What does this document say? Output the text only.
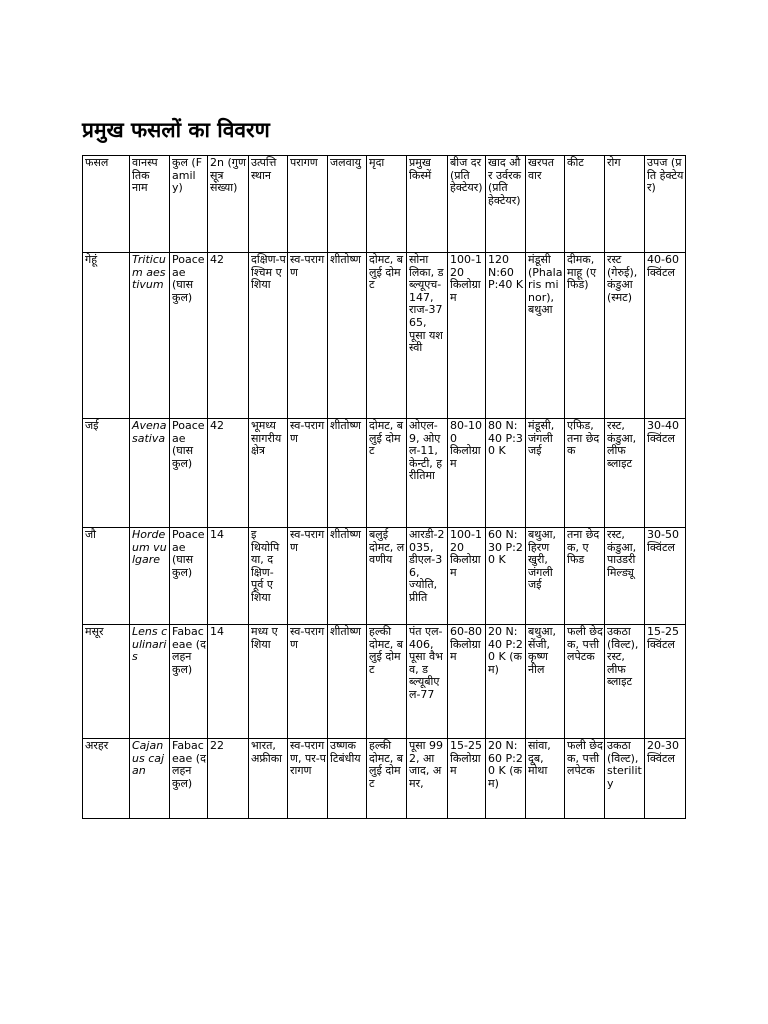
प्रमुख फसलों का विवरण
फसल	वानस्पतिक नाम	कुल (Family)	2n (गुणसूत्र संख्या)	उत्पत्ति स्थान	परागण	जलवायु	मृदा	प्रमुख किस्में	बीज दर (प्रति हेक्टेयर)	खाद और उर्वरक (प्रति हेक्टेयर)	खरपतवार	कीट	रोग	उपज (प्रति हेक्टेयर)
गेहूं	Triticum aestivum	Poaceae (घास कुल)	42	दक्षिण-पश्चिम एशिया	स्व-परागण	शीतोष्ण	दोमट, बलुई दोमट	सोना लिका, डब्ल्यूएच-147, राज-3765, पूसा यश स्वी	100-120 किलोग्राम	120 N:60 P:40 K	मंडूसी (Phalaris minor), बथुआ	दीमक, माहू (एफिड)	रस्ट (गेरुई), कंडुआ (स्मट)	40-60 क्विंटल
जई	Avena sativa	Poaceae (घास कुल)	42	भूमध्य सागरीय क्षेत्र	स्व-परागण	शीतोष्ण	दोमट, बलुई दोमट	ओएल-9, ओएल-11, केन्टी, हरीतिमा	80-100 किलोग्राम	80 N:40 P:30 K	मंडूसी, जंगली जई	एफिड, तना छेदक	रस्ट, कंडुआ, लीफ ब्लाइट	30-40 क्विंटल
जौ	Hordeum vulgare	Poaceae (घास कुल)	14	इथियोपिया, दक्षिण-पूर्व एशिया	स्व-परागण	शीतोष्ण	बलुई दोमट, लवणीय	आरडी-2035, डीएल-36, ज्योति, प्रीति	100-120 किलोग्राम	60 N:30 P:20 K	बथुआ, हिरण खुरी, जंगली जई	तना छेदक, एफिड	रस्ट, कंडुआ, पाउडरी मिल्ड्यू	30-50 क्विंटल
मसूर	Lens culinaris	Fabaceae (दलहन कुल)	14	मध्य एशिया	स्व-परागण	शीतोष्ण	हल्की दोमट, बलुई दोमट	पंत एल-406, पूसा वैभव, डब्ल्यूबीएल-77	60-80 किलोग्राम	20 N:40 P:20 K (कम)	बथुआ, सेंजी, कृष्ण नील	फली छेदक, पत्ती लपेटक	उकठा (विल्ट), रस्ट, लीफ ब्लाइट	15-25 क्विंटल
अरहर	Cajanus cajan	Fabaceae (दलहन कुल)	22	भारत, अफ्रीका	स्व-परागण, पर-परागण	उष्णकटिबंधीय	हल्की दोमट, बलुई दोमट	पूसा 992, आजाद, अमर,	15-25 किलोग्राम	20 N:60 P:20 K (कम)	सांवा, दूब, मोथा	फली छेदक, पत्ती लपेटक	उकठा (विल्ट), sterility	20-30 क्विंटल
